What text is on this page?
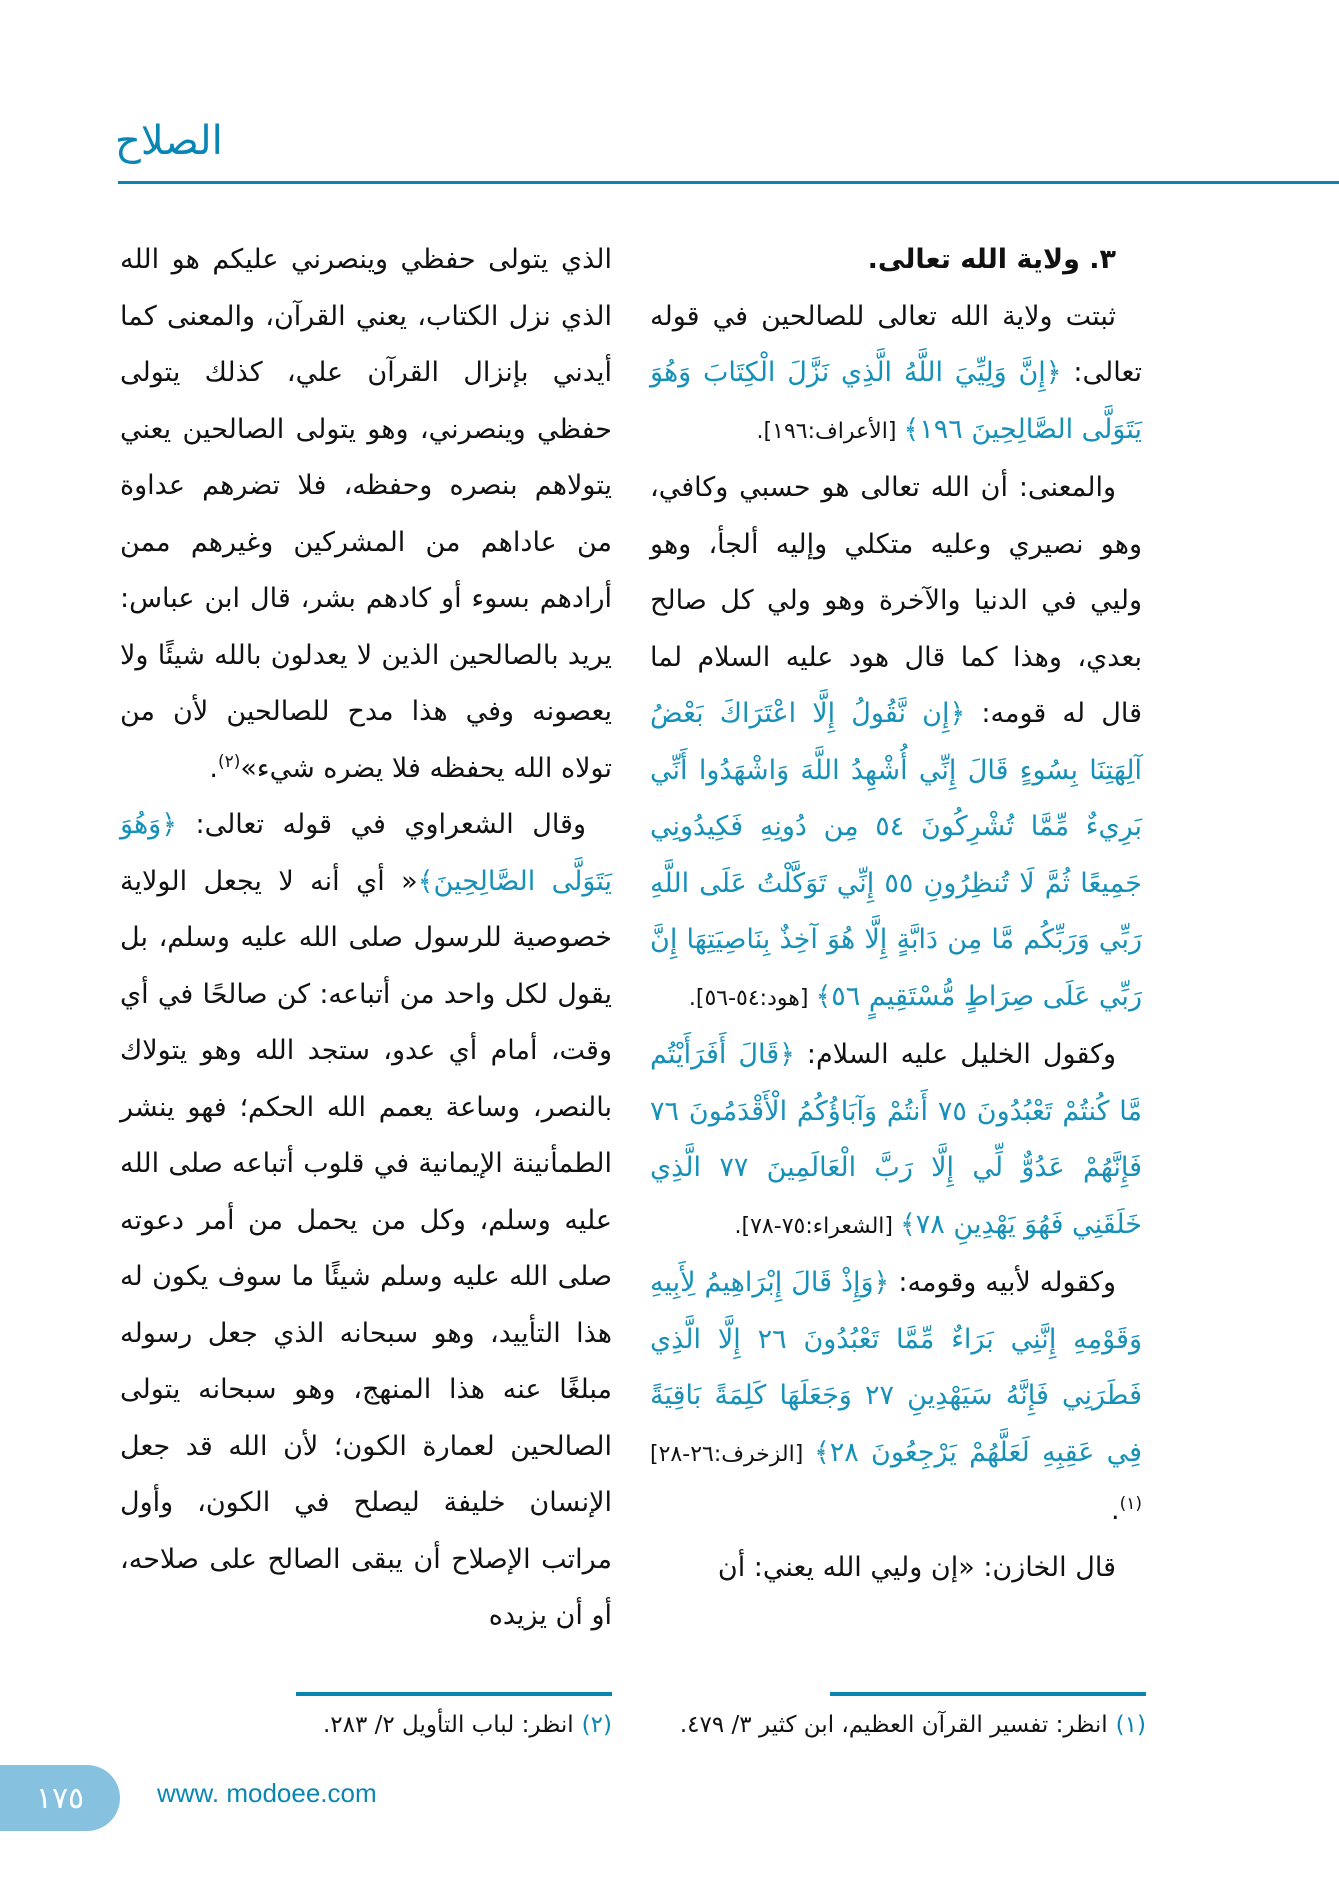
الصلاح

٣. ولاية الله تعالى.

ثبتت ولاية الله تعالى للصالحين في قوله تعالى: ﴿إِنَّ وَلِيِّيَ اللَّهُ الَّذِي نَزَّلَ الْكِتَابَ وَهُوَ يَتَوَلَّى الصَّالِحِينَ ١٩٦﴾ [الأعراف:١٩٦].

والمعنى: أن الله تعالى هو حسبي وكافي، وهو نصيري وعليه متكلي وإليه ألجأ، وهو وليي في الدنيا والآخرة وهو ولي كل صالح بعدي، وهذا كما قال هود عليه السلام لما قال له قومه: ﴿إِن نَّقُولُ إِلَّا اعْتَرَاكَ بَعْضُ آلِهَتِنَا بِسُوءٍ قَالَ إِنِّي أُشْهِدُ اللَّهَ وَاشْهَدُوا أَنِّي بَرِيءٌ مِّمَّا تُشْرِكُونَ ٥٤ مِن دُونِهِ فَكِيدُونِي جَمِيعًا ثُمَّ لَا تُنظِرُونِ ٥٥ إِنِّي تَوَكَّلْتُ عَلَى اللَّهِ رَبِّي وَرَبِّكُم مَّا مِن دَابَّةٍ إِلَّا هُوَ آخِذٌ بِنَاصِيَتِهَا إِنَّ رَبِّي عَلَى صِرَاطٍ مُّسْتَقِيمٍ ٥٦﴾ [هود:٥٤-٥٦].

وكقول الخليل عليه السلام: ﴿قَالَ أَفَرَأَيْتُم مَّا كُنتُمْ تَعْبُدُونَ ٧٥ أَنتُمْ وَآبَاؤُكُمُ الْأَقْدَمُونَ ٧٦ فَإِنَّهُمْ عَدُوٌّ لِّي إِلَّا رَبَّ الْعَالَمِينَ ٧٧ الَّذِي خَلَقَنِي فَهُوَ يَهْدِينِ ٧٨﴾ [الشعراء:٧٥-٧٨].

وكقوله لأبيه وقومه: ﴿وَإِذْ قَالَ إِبْرَاهِيمُ لِأَبِيهِ وَقَوْمِهِ إِنَّنِي بَرَاءٌ مِّمَّا تَعْبُدُونَ ٢٦ إِلَّا الَّذِي فَطَرَنِي فَإِنَّهُ سَيَهْدِينِ ٢٧ وَجَعَلَهَا كَلِمَةً بَاقِيَةً فِي عَقِبِهِ لَعَلَّهُمْ يَرْجِعُونَ ٢٨﴾ [الزخرف:٢٦-٢٨]$^{(١)}$.

قال الخازن: «إن وليي الله يعني: أن

الذي يتولى حفظي وينصرني عليكم هو الله الذي نزل الكتاب، يعني القرآن، والمعنى كما أيدني بإنزال القرآن علي، كذلك يتولى حفظي وينصرني، وهو يتولى الصالحين يعني يتولاهم بنصره وحفظه، فلا تضرهم عداوة من عاداهم من المشركين وغيرهم ممن أرادهم بسوء أو كادهم بشر، قال ابن عباس: يريد بالصالحين الذين لا يعدلون بالله شيئًا ولا يعصونه وفي هذا مدح للصالحين لأن من تولاه الله يحفظه فلا يضره شيء»$^{(٢)}$.

وقال الشعراوي في قوله تعالى: ﴿وَهُوَ يَتَوَلَّى الصَّالِحِينَ﴾« أي أنه لا يجعل الولاية خصوصية للرسول صلى الله عليه وسلم، بل يقول لكل واحد من أتباعه: كن صالحًا في أي وقت، أمام أي عدو، ستجد الله وهو يتولاك بالنصر، وساعة يعمم الله الحكم؛ فهو ينشر الطمأنينة الإيمانية في قلوب أتباعه صلى الله عليه وسلم، وكل من يحمل من أمر دعوته صلى الله عليه وسلم شيئًا ما سوف يكون له هذا التأييد، وهو سبحانه الذي جعل رسوله مبلغًا عنه هذا المنهج، وهو سبحانه يتولى الصالحين لعمارة الكون؛ لأن الله قد جعل الإنسان خليفة ليصلح في الكون، وأول مراتب الإصلاح أن يبقى الصالح على صلاحه، أو أن يزيده

(١)انظر: تفسير القرآن العظيم، ابن كثير ٣/ ٤٧٩.
(٢)انظر: لباب التأويل ٢/ ٢٨٣.
١٧٥	www. modoee.com
